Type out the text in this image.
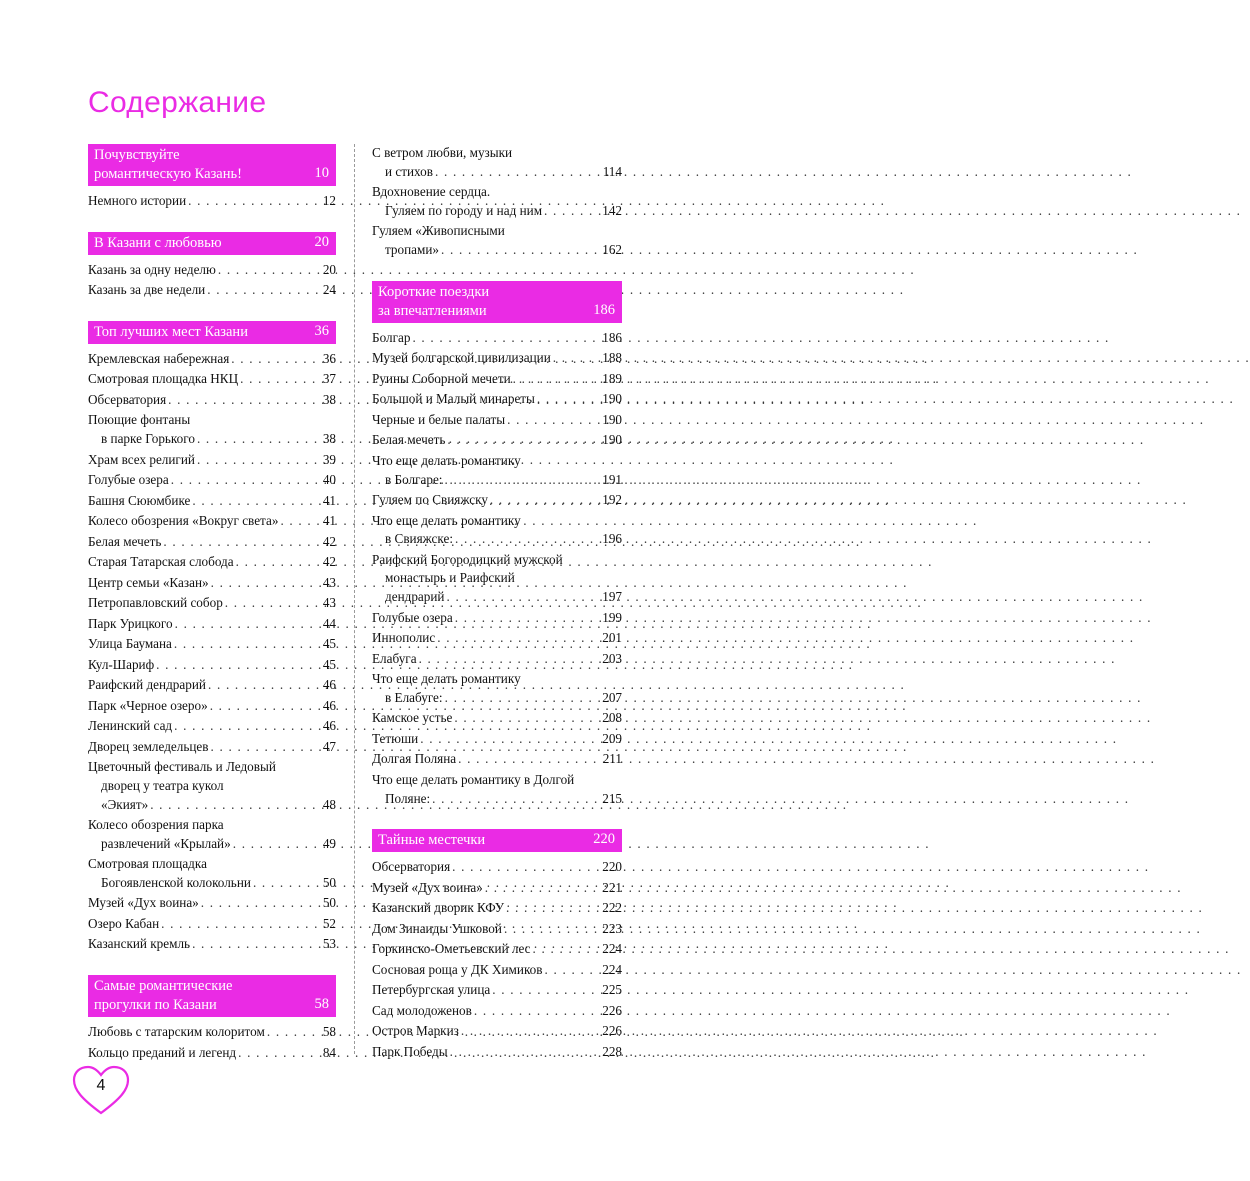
Содержание
Почувствуйте
романтическую Казань!	10
Немного истории . . .	12
В Казани с любовью	20
Казань за одну неделю . . .	20
Казань за две недели . . .	24
Топ лучших мест Казани	36
Кремлевская набережная . . .	36
Смотровая площадка НКЦ . . .	37
Обсерватория . . .	38
Поющие фонтаны
в парке Горького . . .	38
Храм всех религий . . .	39
Голубые озера . . .	40
Башня Сююмбике . . .	41
Колесо обозрения «Вокруг света» . . .	41
Белая мечеть . . .	42
Старая Татарская слобода . . .	42
Центр семьи «Казан» . . .	43
Петропавловский собор . . .	43
Парк Урицкого . . .	44
Улица Баумана . . .	45
Кул-Шариф . . .	45
Раифский дендрарий . . .	46
Парк «Черное озеро» . . .	46
Ленинский сад . . .	46
Дворец земледельцев . . .	47
Цветочный фестиваль и Ледовый
дворец у театра кукол
«Экият» . . .	48
Колесо обозрения парка
развлечений «Крылай» . . .	49
Смотровая площадка
Богоявленской колокольни . . .	50
Музей «Дух воина» . . .	50
Озеро Кабан . . .	52
Казанский кремль . . .	53
Самые романтические
прогулки по Казани	58
Любовь с татарским колоритом . . .	58
Кольцо преданий и легенд . . .	84
С ветром любви, музыки
и стихов . . .	114
Вдохновение сердца.
Гуляем по городу и над ним . . .	142
Гуляем «Живописными
тропами» . . .	162
Короткие поездки
за впечатлениями	186
Болгар . . .	186
Музей болгарской цивилизации . . .	188
Руины Соборной мечети . . .	189
Большой и Малый минареты . . .	190
Черные и белые палаты . . .	190
Белая мечеть . . .	190
Что еще делать романтику
в Болгаре: . . .	191
Гуляем по Свияжску . . .	192
Что еще делать романтику
в Свияжске: . . .	196
Раифский Богородицкий мужской
монастырь и Раифский
дендрарий . . .	197
Голубые озера . . .	199
Иннополис . . .	201
Елабуга . . .	203
Что еще делать романтику
в Елабуге: . . .	207
Камское устье . . .	208
Тетюши . . .	209
Долгая Поляна . . .	211
Что еще делать романтику в Долгой
Поляне: . . .	215
Тайные местечки	220
Обсерватория . . .	220
Музей «Дух воина» . . .	221
Казанский дворик КФУ . . .	222
Дом Зинаиды Ушковой . . .	223
Горкинско-Ометьевский лес . . .	224
Сосновая роща у ДК Химиков . . .	224
Петербургская улица . . .	225
Сад молодоженов . . .	226
Остров Маркиз . . .	226
Парк Победы . . .	228
4
